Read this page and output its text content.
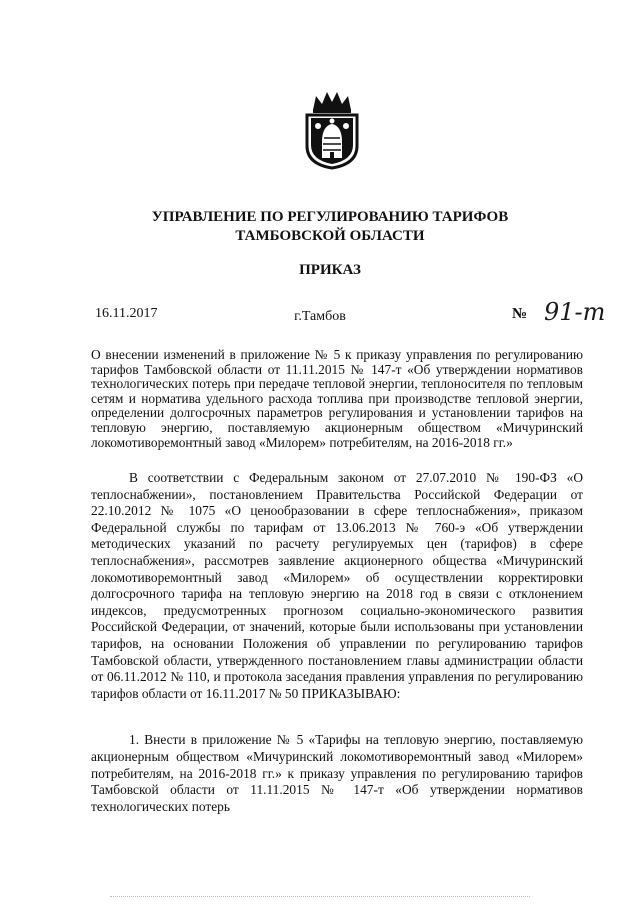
УПРАВЛЕНИЕ ПО РЕГУЛИРОВАНИЮ ТАРИФОВ
ТАМБОВСКОЙ ОБЛАСТИ
ПРИКАЗ
16.11.2017	г.Тамбов	№ 91-т
О внесении изменений в приложение № 5 к приказу управления по регулированию тарифов Тамбовской области от 11.11.2015 № 147-т «Об утверждении нормативов технологических потерь при передаче тепловой энергии, теплоносителя по тепловым сетям и норматива удельного расхода топлива при производстве тепловой энергии, определении долгосрочных параметров регулирования и установлении тарифов на тепловую энергию, поставляемую акционерным обществом «Мичуринский локомотиворемонтный завод «Милорем» потребителям, на 2016-2018 гг.»
В соответствии с Федеральным законом от 27.07.2010 № 190-ФЗ «О теплоснабжении», постановлением Правительства Российской Федерации от 22.10.2012 № 1075 «О ценообразовании в сфере теплоснабжения», приказом Федеральной службы по тарифам от 13.06.2013 № 760-э «Об утверждении методических указаний по расчету регулируемых цен (тарифов) в сфере теплоснабжения», рассмотрев заявление акционерного общества «Мичуринский локомотиворемонтный завод «Милорем» об осуществлении корректировки долгосрочного тарифа на тепловую энергию на 2018 год в связи с отклонением индексов, предусмотренных прогнозом социально-экономического развития Российской Федерации, от значений, которые были использованы при установлении тарифов, на основании Положения об управлении по регулированию тарифов Тамбовской области, утвержденного постановлением главы администрации области от 06.11.2012 № 110, и протокола заседания правления управления по регулированию тарифов области от 16.11.2017 № 50 ПРИКАЗЫВАЮ:
1. Внести в приложение № 5 «Тарифы на тепловую энергию, поставляемую акционерным обществом «Мичуринский локомотиворемонтный завод «Милорем» потребителям, на 2016-2018 гг.» к приказу управления по регулированию тарифов Тамбовской области от 11.11.2015 № 147-т «Об утверждении нормативов технологических потерь
